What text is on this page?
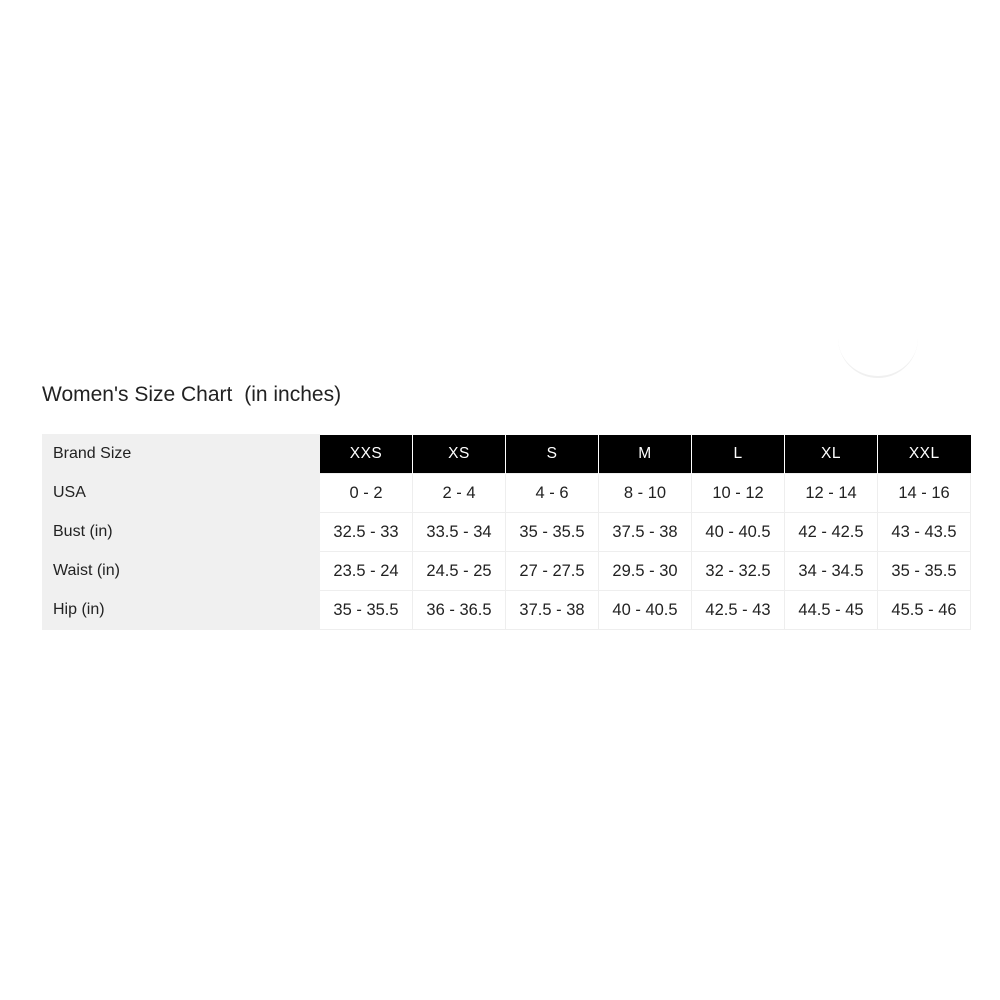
Women's Size Chart (in inches)
Brand Size	XXS	XS	S	M	L	XL	XXL
USA	0 - 2	2 - 4	4 - 6	8 - 10	10 - 12	12 - 14	14 - 16
Bust (in)	32.5 - 33	33.5 - 34	35 - 35.5	37.5 - 38	40 - 40.5	42 - 42.5	43 - 43.5
Waist (in)	23.5 - 24	24.5 - 25	27 - 27.5	29.5 - 30	32 - 32.5	34 - 34.5	35 - 35.5
Hip (in)	35 - 35.5	36 - 36.5	37.5 - 38	40 - 40.5	42.5 - 43	44.5 - 45	45.5 - 46
